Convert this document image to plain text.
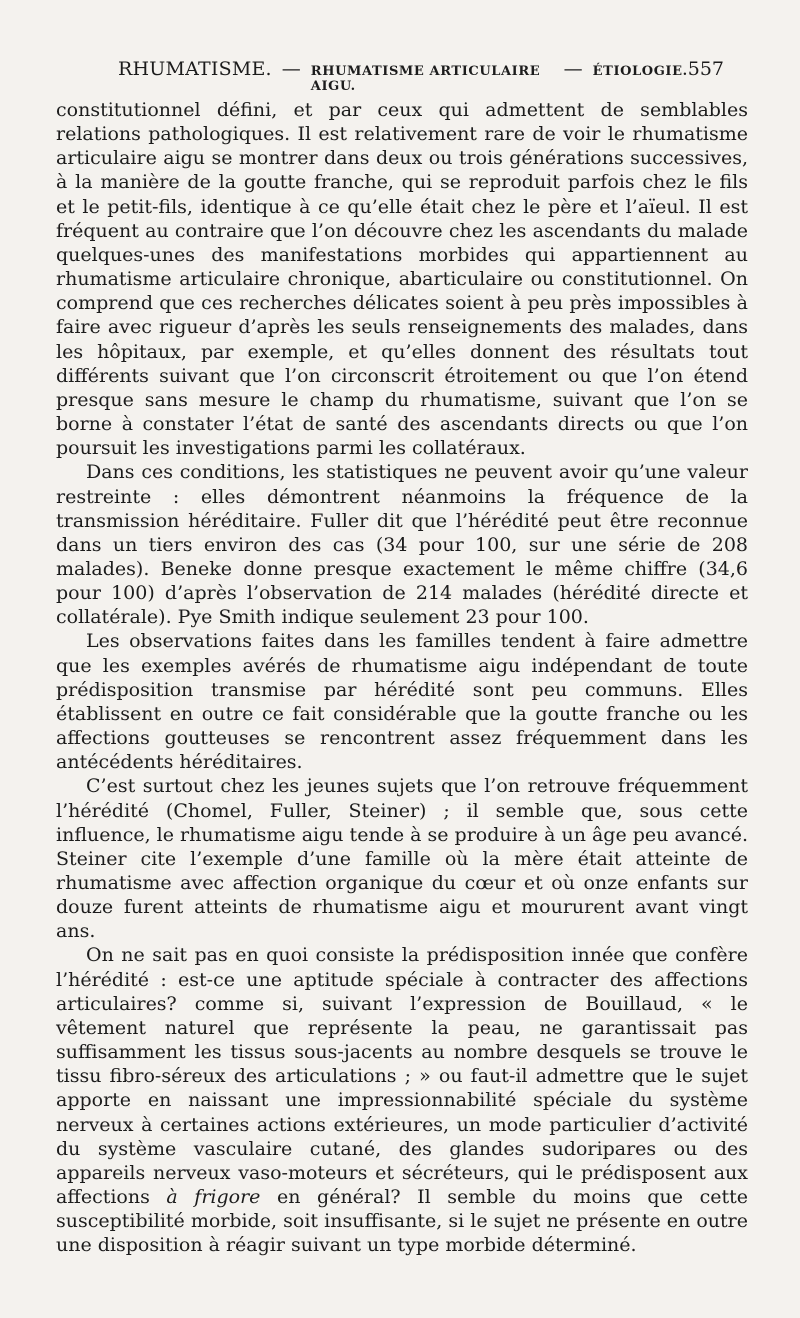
RHUMATISME. — RHUMATISME ARTICULAIRE AIGU.
— ÉTIOLOGIE. 557

constitutionnel défini, et par ceux qui admettent de semblables relations pathologiques. Il est relativement rare de voir le rhumatisme articulaire aigu se montrer dans deux ou trois générations successives, à la manière de la goutte franche, qui se reproduit parfois chez le fils et le petit-fils, identique à ce qu’elle était chez le père et l’aïeul. Il est fréquent au contraire que l’on découvre chez les ascendants du malade quelques-unes des manifestations morbides qui appartiennent au rhumatisme articulaire chronique, abarticulaire ou constitutionnel. On comprend que ces recherches délicates soient à peu près impossibles à faire avec rigueur d’après les seuls renseignements des malades, dans les hôpitaux, par exemple, et qu’elles donnent des résultats tout différents suivant que l’on circonscrit étroitement ou que l’on étend presque sans mesure le champ du rhumatisme, suivant que l’on se borne à constater l’état de santé des ascendants directs ou que l’on poursuit les investigations parmi les collatéraux.

Dans ces conditions, les statistiques ne peuvent avoir qu’une valeur restreinte : elles démontrent néanmoins la fréquence de la transmission héréditaire. Fuller dit que l’hérédité peut être reconnue dans un tiers environ des cas (34 pour 100, sur une série de 208 malades). Beneke donne presque exactement le même chiffre (34,6 pour 100) d’après l’observation de 214 malades (hérédité directe et collatérale). Pye Smith indique seulement 23 pour 100.

Les observations faites dans les familles tendent à faire admettre que les exemples avérés de rhumatisme aigu indépendant de toute prédisposition transmise par hérédité sont peu communs. Elles établissent en outre ce fait considérable que la goutte franche ou les affections goutteuses se rencontrent assez fréquemment dans les antécédents héréditaires.

C’est surtout chez les jeunes sujets que l’on retrouve fréquemment l’hérédité (Chomel, Fuller, Steiner) ; il semble que, sous cette influence, le rhumatisme aigu tende à se produire à un âge peu avancé. Steiner cite l’exemple d’une famille où la mère était atteinte de rhumatisme avec affection organique du cœur et où onze enfants sur douze furent atteints de rhumatisme aigu et moururent avant vingt ans.

On ne sait pas en quoi consiste la prédisposition innée que confère l’hérédité : est-ce une aptitude spéciale à contracter des affections articulaires? comme si, suivant l’expression de Bouillaud, « le vêtement naturel que représente la peau, ne garantissait pas suffisamment les tissus sous-jacents au nombre desquels se trouve le tissu fibro-séreux des articulations ; » ou faut-il admettre que le sujet apporte en naissant une impressionnabilité spéciale du système nerveux à certaines actions extérieures, un mode particulier d’activité du système vasculaire cutané, des glandes sudoripares ou des appareils nerveux vaso-moteurs et sécréteurs, qui le prédisposent aux affections à frigore en général? Il semble du moins que cette susceptibilité morbide, soit insuffisante, si le sujet ne présente en outre une disposition à réagir suivant un type morbide déterminé.
